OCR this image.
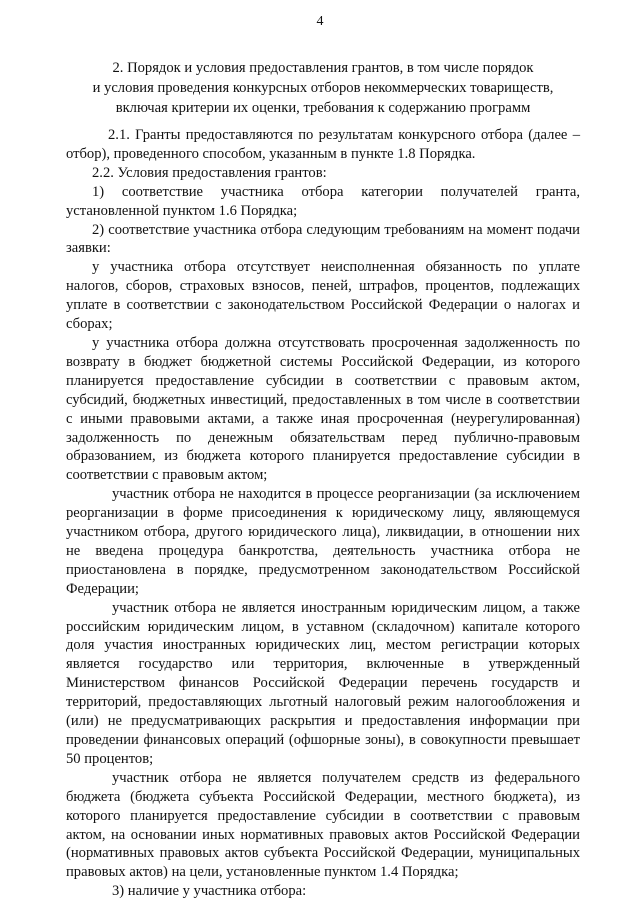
4
2. Порядок и условия предоставления грантов, в том числе порядок
и условия проведения конкурсных отборов некоммерческих товариществ,
включая критерии их оценки, требования к содержанию программ
2.1. Гранты предоставляются по результатам конкурсного отбора (далее – отбор), проведенного способом, указанным в пункте 1.8 Порядка.
2.2. Условия предоставления грантов:
1) соответствие участника отбора категории получателей гранта, установленной пунктом 1.6 Порядка;
2) соответствие участника отбора следующим требованиям на момент подачи заявки:
у участника отбора отсутствует неисполненная обязанность по уплате налогов, сборов, страховых взносов, пеней, штрафов, процентов, подлежащих уплате в соответствии с законодательством Российской Федерации о налогах и сборах;
у участника отбора должна отсутствовать просроченная задолженность по возврату в бюджет бюджетной системы Российской Федерации, из которого планируется предоставление субсидии в соответствии с правовым актом, субсидий, бюджетных инвестиций, предоставленных в том числе в соответствии с иными правовыми актами, а также иная просроченная (неурегулированная) задолженность по денежным обязательствам перед публично-правовым образованием, из бюджета которого планируется предоставление субсидии в соответствии с правовым актом;
участник отбора не находится в процессе реорганизации (за исключением реорганизации в форме присоединения к юридическому лицу, являющемуся участником отбора, другого юридического лица), ликвидации, в отношении них не введена процедура банкротства, деятельность участника отбора не приостановлена в порядке, предусмотренном законодательством Российской Федерации;
участник отбора не является иностранным юридическим лицом, а также российским юридическим лицом, в уставном (складочном) капитале которого доля участия иностранных юридических лиц, местом регистрации которых является государство или территория, включенные в утвержденный Министерством финансов Российской Федерации перечень государств и территорий, предоставляющих льготный налоговый режим налогообложения и (или) не предусматривающих раскрытия и предоставления информации при проведении финансовых операций (офшорные зоны), в совокупности превышает 50 процентов;
участник отбора не является получателем средств из федерального бюджета (бюджета субъекта Российской Федерации, местного бюджета), из которого планируется предоставление субсидии в соответствии с правовым актом, на основании иных нормативных правовых актов Российской Федерации (нормативных правовых актов субъекта Российской Федерации, муниципальных правовых актов) на цели, установленные пунктом 1.4 Порядка;
3) наличие у участника отбора:
